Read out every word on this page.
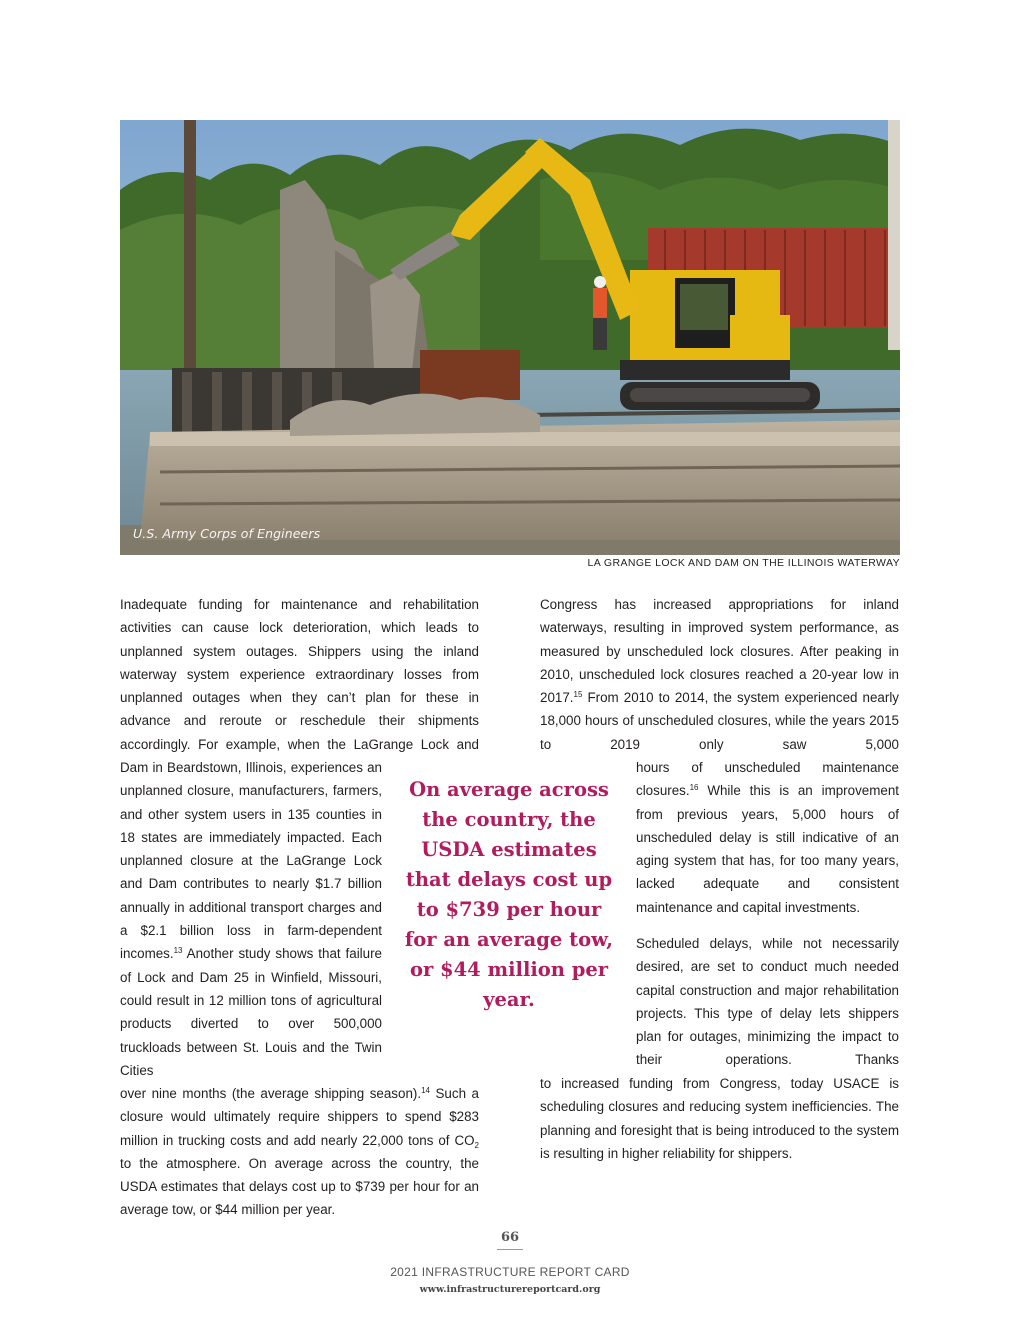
U.S. Army Corps of Engineers
LA GRANGE LOCK AND DAM ON THE ILLINOIS WATERWAY

Inadequate funding for maintenance and rehabilitation activities can cause lock deterioration, which leads to unplanned system outages. Shippers using the inland waterway system experience extraordinary losses from unplanned outages when they can’t plan for these in advance and reroute or reschedule their shipments accordingly. For example, when the LaGrange Lock and

Dam in Beardstown, Illinois, experiences an unplanned closure, manufacturers, farmers, and other system users in 135 counties in 18 states are immediately impacted. Each unplanned closure at the LaGrange Lock and Dam contributes to nearly $1.7 billion annually in additional transport charges and a $2.1 billion loss in farm-dependent incomes.$^{13}$ Another study shows that failure of Lock and Dam 25 in Winfield, Missouri, could result in 12 million tons of agricultural products diverted to over 500,000 truckloads between St. Louis and the Twin Cities

over nine months (the average shipping season).$^{14}$ Such a closure would ultimately require shippers to spend $283 million in trucking costs and add nearly 22,000 tons of $CO_2$ to the atmosphere. On average across the country, the USDA estimates that delays cost up to $739 per hour for an average tow, or $44 million per year.

On average across the country, the USDA estimates that delays cost up to $739 per hour for an average tow, or $44 million per year.

Congress has increased appropriations for inland waterways, resulting in improved system performance, as measured by unscheduled lock closures. After peaking in 2010, unscheduled lock closures reached a 20-year low in 2017.15 From 2010 to 2014, the system experienced nearly 18,000 hours of unscheduled closures, while the years 2015 to 2019 only saw 5,000

hours of unscheduled maintenance closures.$^{16}$ While this is an improvement from previous years, 5,000 hours of unscheduled delay is still indicative of an aging system that has, for too many years, lacked adequate and consistent maintenance and capital investments.

Scheduled delays, while not necessarily desired, are set to conduct much needed capital construction and major rehabilitation projects. This type of delay lets shippers plan for outages, minimizing the impact to their operations. Thanks

to increased funding from Congress, today USACE is scheduling closures and reducing system inefficiencies. The planning and foresight that is being introduced to the system is resulting in higher reliability for shippers.

66
2021 INFRASTRUCTURE REPORT CARD
www.infrastructurereportcard.org
